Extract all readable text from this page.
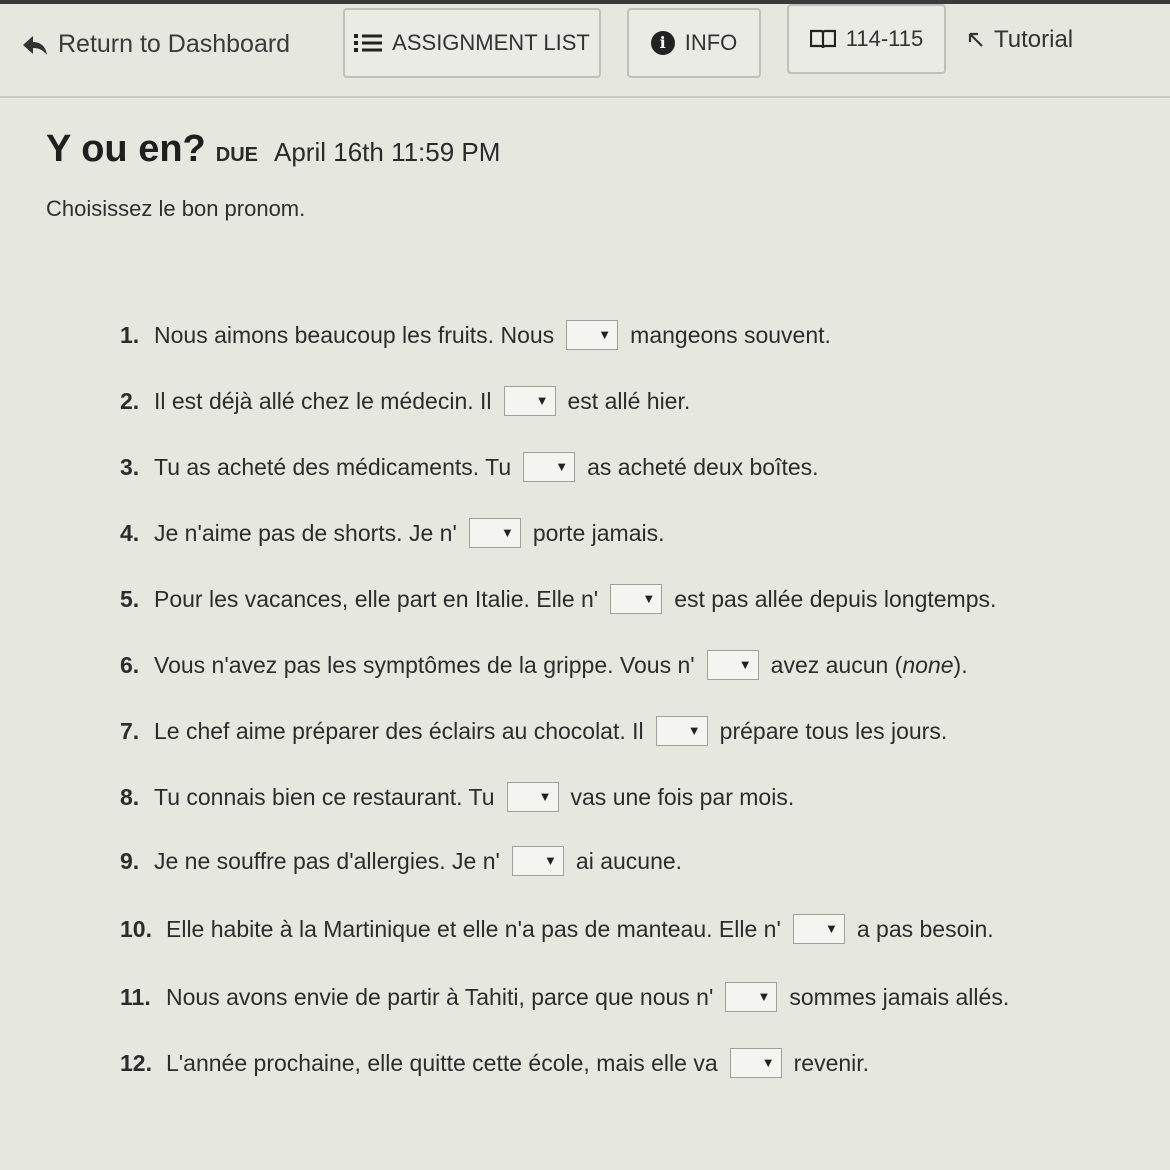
Return to Dashboard	ASSIGNMENT LIST	i INFO	114-115	Tutorial
Y ou en? DUE April 16th 11:59 PM
Choisissez le bon pronom.
1. Nous aimons beaucoup les fruits. Nous ▼	mangeons souvent.
2. Il est déjà allé chez le médecin. Il ▼	est allé hier.
3. Tu as acheté des médicaments. Tu ▼	as acheté deux boîtes.
4. Je n'aime pas de shorts. Je n' ▼	porte jamais.
5. Pour les vacances, elle part en Italie. Elle n' ▼	est pas allée depuis longtemps.
6. Vous n'avez pas les symptômes de la grippe. Vous n' ▼	avez aucun (none).
7. Le chef aime préparer des éclairs au chocolat. Il ▼	prépare tous les jours.
8. Tu connais bien ce restaurant. Tu ▼	vas une fois par mois.
9. Je ne souffre pas d'allergies. Je n' ▼	ai aucune.
10. Elle habite à la Martinique et elle n'a pas de manteau. Elle n' ▼	a pas besoin.
11. Nous avons envie de partir à Tahiti, parce que nous n' ▼	sommes jamais allés.
12. L'année prochaine, elle quitte cette école, mais elle va ▼	revenir.
